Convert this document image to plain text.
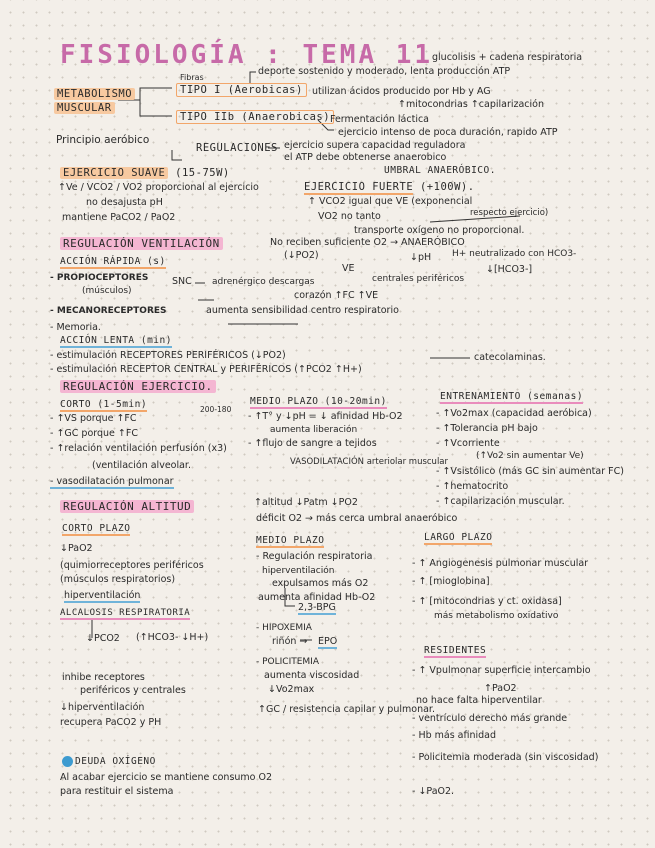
FISIOLOGÍA : TEMA 11
glucolisis + cadena respiratoria
deporte sostenido y moderado, lenta producción ATP
METABOLISMO
MUSCULAR
Fibras
TIPO I (Aerobicas) utilizan ácidos producido por Hb y AG
↑mitocondrias ↑capilarización
TIPO IIb (Anaerobicas) Fermentación láctica
ejercicio intenso de poca duración, rapido ATP
Principio aeróbico
REGULACIONES ejercicio supera capacidad reguladora
el ATP debe obtenerse anaerobico
UMBRAL ANAERÓBICO.
EJERCICIO SUAVE (15-75W)
↑Ve / VCO2 / VO2 proporcional al ejercicio
no desajusta pH
mantiene PaCO2 / PaO2
EJERCICIO FUERTE (+100W).
↑ VCO2 igual que VE (exponencial
respecto ejercicio)
VO2 no tanto
transporte oxígeno no proporcional.
No reciben suficiente O2 → ANAERÓBICO
(↓PO2)	↓pH H+ neutralizado con HCO3-
VE
centrales periféricos
↓[HCO3-]
REGULACIÓN VENTILACIÓN
ACCIÓN RÁPIDA (s)
- PROPIOCEPTORES
(músculos)
SNC adrenérgico descargas
corazón ↑FC ↑VE
- MECANORECEPTORES	aumenta sensibilidad centro respiratorio
- Memoria.
ACCIÓN LENTA (min)
- estimulación RECEPTORES PERIFÉRICOS (↓PO2)
- estimulación RECEPTOR CENTRAL y PERIFÉRICOS (↑PCO2 ↑H+)
catecolaminas.
REGULACIÓN EJERCICIO.
CORTO (1-5min)
- ↑VS porque ↑FC
200-180
- ↑GC porque ↑FC
- ↑relación ventilación perfusión (x3)
(ventilación alveolar.
- vasodilatación pulmonar
MEDIO PLAZO (10-20min)
- ↑T° y ↓pH = ↓ afinidad Hb-O2
aumenta liberación
- ↑flujo de sangre a tejidos
VASODILATACIÓN arteriolar muscular
ENTRENAMIENTO (semanas)
- ↑Vo2max (capacidad aeróbica)
- ↑Tolerancia pH bajo
- ↑Vcorriente
(↑Vo2 sin aumentar Ve)
- ↑Vsistólico (más GC sin aumentar FC)
- ↑hematocrito
- ↑capilarización muscular.
REGULACIÓN ALTITUD	↑altitud ↓Patm ↓PO2
déficit O2 → más cerca umbral anaeróbico
CORTO PLAZO
↓PaO2
(quimiorreceptores periféricos
(músculos respiratorios)
hiperventilación
ALCALOSIS RESPIRATORIA
↓PCO2 (↑HCO3- ↓H+)
inhibe receptores
periféricos y centrales
↓hiperventilación
recupera PaCO2 y PH
MEDIO PLAZO
- Regulación respiratoria
hiperventilación
expulsamos más O2
aumenta afinidad Hb-O2
2,3-BPG
- HIPOXEMIA
riñón → EPO
- POLICITEMIA
aumenta viscosidad
↓Vo2max
↑GC / resistencia capilar y pulmonar.
LARGO PLAZO
- ↑ Angiogenesis pulmonar muscular
- ↑ [mioglobina]
- ↑ [mitocondrias y ct. oxidasa]
más metabolismo oxidativo
RESIDENTES
- ↑ Vpulmonar superficie intercambio
↑PaO2
no hace falta hiperventilar
- ventrículo derecho más grande
- Hb más afinidad
- Policitemia moderada (sin viscosidad)
- ↓PaO2.
DEUDA OXÍGENO
Al acabar ejercicio se mantiene consumo O2
para restituir el sistema
